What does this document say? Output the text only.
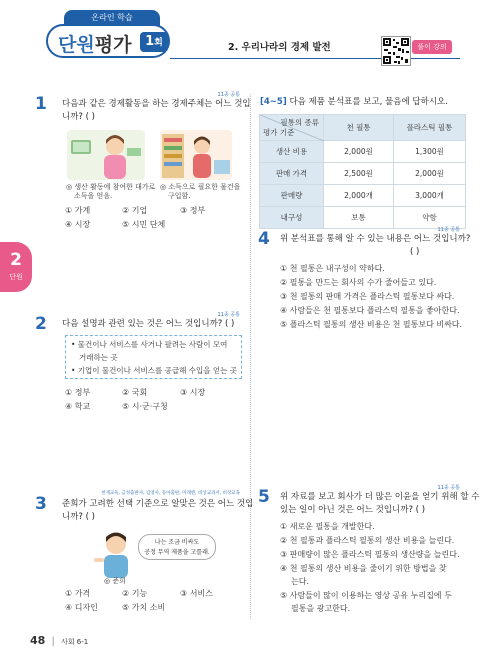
온라인 학습
단원평가	1회	2. 우리나라의 경제 발전	풀이 강의
2
단원
11종 공통
1 다음과 같은 경제활동을 하는 경제주체는 어느 것입
니까? ( )
◎ 생산 활동에 참여한 대가로
소득을 얻음.
◎ 소득으로 필요한 물건을
구입함.
① 가계	② 기업	③ 정부
④ 시장	⑤ 시민 단체
11종 공통
2 다음 설명과 관련 있는 것은 어느 것입니까? ( )
• 물건이나 서비스를 사거나 팔려는 사람이 모여
거래하는 곳
• 기업이 물건이나 서비스를 공급해 수입을 얻는 곳
① 정부	② 국회	③ 시장
④ 학교	⑤ 시·군·구청
천재교육, 금성출판사, 김영사, 동아출판, 미래엔, 비상교과서, 비상교육
3 준희가 고려한 선택 기준으로 알맞은 것은 어느 것입
니까? ( )
나는 조금 비싸도
공정 무역 제품을 고를래.
◎ 준희
① 가격	② 기능	③ 서비스
④ 디자인	⑤ 가치 소비
[4~5] 다음 제품 분석표를 보고, 물음에 답하시오.
필통의 종류
평가 기준	천 필통	플라스틱 필통
생산 비용	2,000원	1,300원
판매 가격	2,500원	2,000원
판매량	2,000개	3,000개
내구성	보통	약함
11종 공통
4 위 분석표를 통해 알 수 있는 내용은 어느 것입니까?
( )
① 천 필통은 내구성이 약하다.
② 필통을 만드는 회사의 수가 줄어들고 있다.
③ 천 필통의 판매 가격은 플라스틱 필통보다 싸다.
④ 사람들은 천 필통보다 플라스틱 필통을 좋아한다.
⑤ 플라스틱 필통의 생산 비용은 천 필통보다 비싸다.
11종 공통
5 위 자료를 보고 회사가 더 많은 이윤을 얻기 위해 할 수
있는 일이 아닌 것은 어느 것입니까? ( )
① 새로운 필통을 개발한다.
② 천 필통과 플라스틱 필통의 생산 비용을 늘린다.
③ 판매량이 많은 플라스틱 필통의 생산량을 늘린다.
④ 천 필통의 생산 비용을 줄이기 위한 방법을 찾
는다.
⑤ 사람들이 많이 이용하는 영상 공유 누리집에 두
필통을 광고한다.
48 | 사회 6-1
